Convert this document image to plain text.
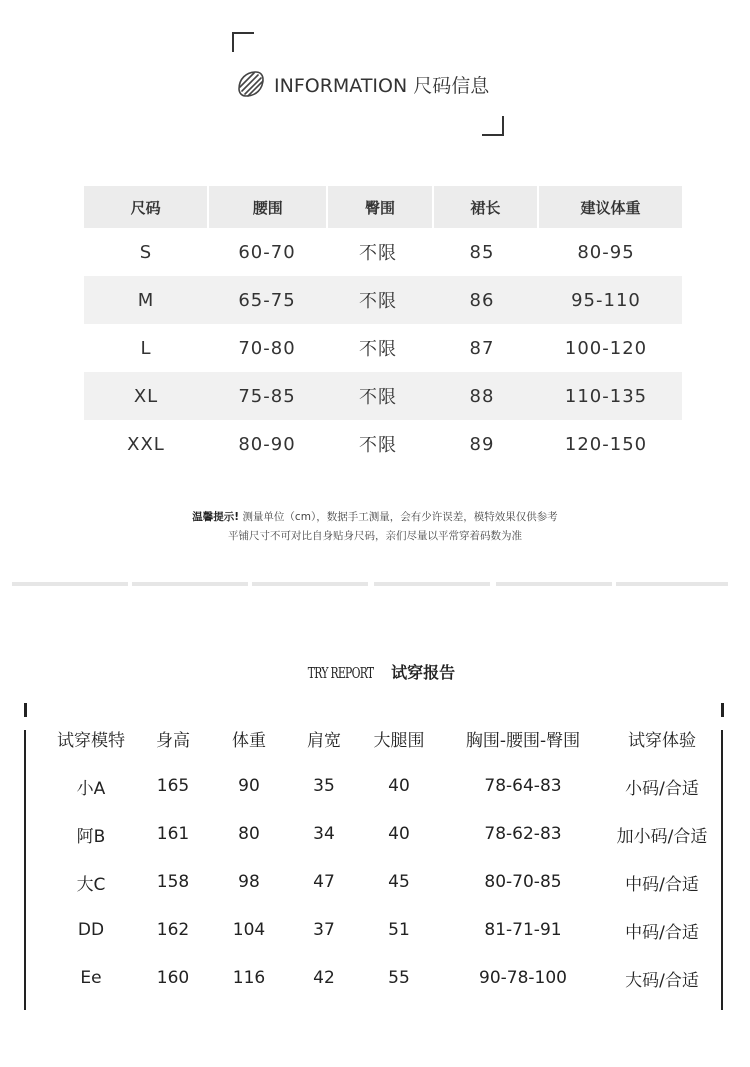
INFORMATION 尺码信息
尺码	腰围	臀围	裙长	建议体重
S	60-70	不限	85	80-95
M	65-75	不限	86	95-110
L	70-80	不限	87	100-120
XL	75-85	不限	88	110-135
XXL	80-90	不限	89	120-150
温馨提示! 测量单位（cm），数据手工测量，会有少许误差，模特效果仅供参考
平铺尺寸不可对比自身贴身尺码，亲们尽量以平常穿着码数为准
TRY REPORT 试穿报告
试穿模特	身高	体重	肩宽	大腿围	胸围-腰围-臀围	试穿体验
小A	165	90	35	40	78-64-83	小码/合适
阿B	161	80	34	40	78-62-83	加小码/合适
大C	158	98	47	45	80-70-85	中码/合适
DD	162	104	37	51	81-71-91	中码/合适
Ee	160	116	42	55	90-78-100	大码/合适
